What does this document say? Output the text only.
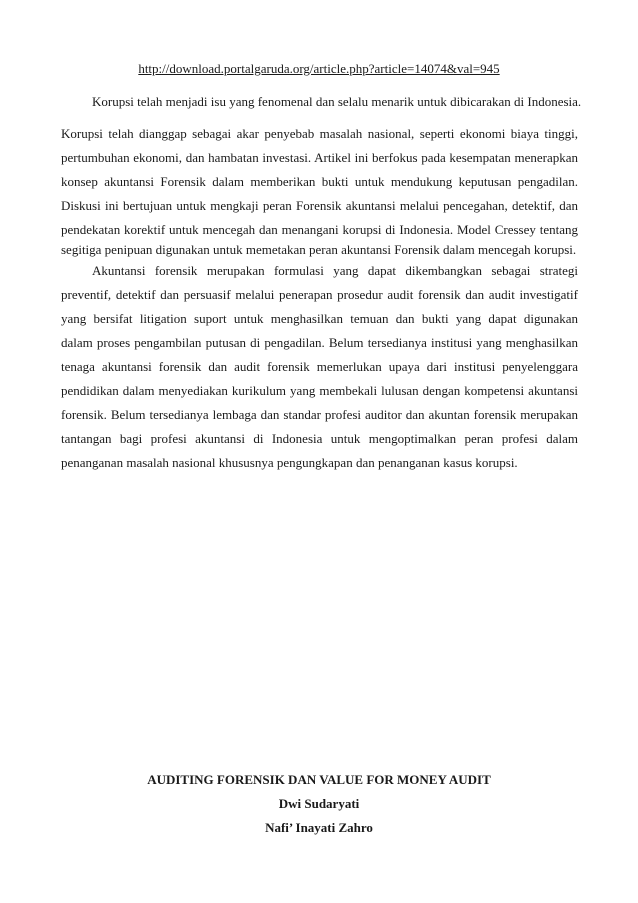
http://download.portalgaruda.org/article.php?article=14074&val=945
Korupsi telah menjadi isu yang fenomenal dan selalu menarik untuk dibicarakan di Indonesia.
Korupsi telah dianggap sebagai akar penyebab masalah nasional, seperti ekonomi biaya tinggi,
pertumbuhan ekonomi, dan hambatan investasi. Artikel ini berfokus pada kesempatan menerapkan
konsep akuntansi Forensik dalam memberikan bukti untuk mendukung keputusan pengadilan.
Diskusi ini bertujuan untuk mengkaji peran Forensik akuntansi melalui pencegahan, detektif, dan
pendekatan korektif untuk mencegah dan menangani korupsi di Indonesia. Model Cressey tentang
segitiga penipuan digunakan untuk memetakan peran akuntansi Forensik dalam mencegah korupsi.
Akuntansi forensik merupakan formulasi yang dapat dikembangkan sebagai strategi
preventif, detektif dan persuasif melalui penerapan prosedur audit forensik dan audit investigatif
yang bersifat litigation suport untuk menghasilkan temuan dan bukti yang dapat digunakan
dalam proses pengambilan putusan di pengadilan. Belum tersedianya institusi yang menghasilkan
tenaga akuntansi forensik dan audit forensik memerlukan upaya dari institusi penyelenggara
pendidikan dalam menyediakan kurikulum yang membekali lulusan dengan kompetensi akuntansi
forensik. Belum tersedianya lembaga dan standar profesi auditor dan akuntan forensik merupakan
tantangan bagi profesi akuntansi di Indonesia untuk mengoptimalkan peran profesi dalam
penanganan masalah nasional khususnya pengungkapan dan penanganan kasus korupsi.
AUDITING FORENSIK DAN VALUE FOR MONEY AUDIT
Dwi Sudaryati
Nafi’ Inayati Zahro
